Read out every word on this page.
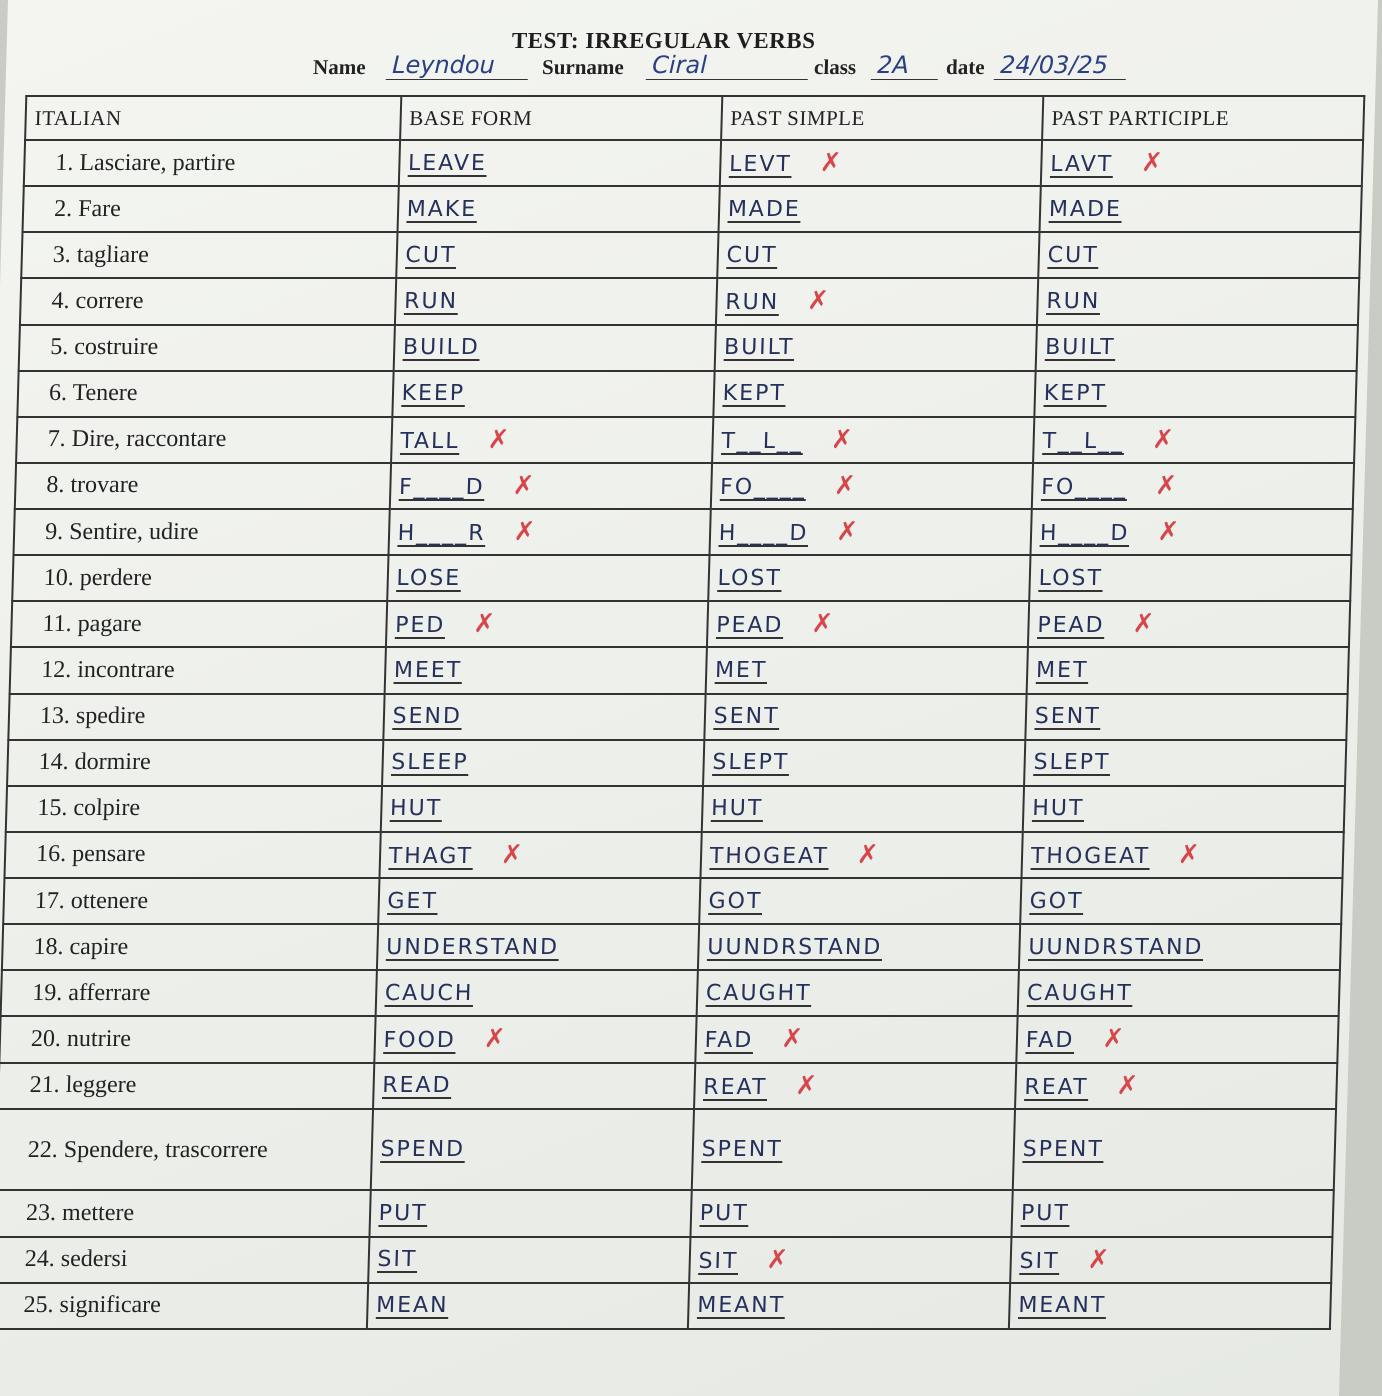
TEST: IRREGULAR VERBS
Name Leyndou	Surname Ciral	class 2A	date 24/03/25
ITALIAN	BASE FORM	PAST SIMPLE	PAST PARTICIPLE
1. Lasciare, partire	LEAVE	LEVT ✗	LAVT ✗
2. Fare	MAKE	MADE	MADE
3. tagliare	CUT	CUT	CUT
4. correre	RUN	RUN ✗	RUN
5. costruire	BUILD	BUILT	BUILT
6. Tenere	KEEP	KEPT	KEPT
7. Dire, raccontare	TALL ✗	T__L__ ✗	T__L__ ✗
8. trovare	F____D ✗	FO____ ✗	FO____ ✗
9. Sentire, udire	H____R ✗	H____D ✗	H____D ✗
10. perdere	LOSE	LOST	LOST
11. pagare	PED ✗	PEAD ✗	PEAD ✗
12. incontrare	MEET	MET	MET
13. spedire	SEND	SENT	SENT
14. dormire	SLEEP	SLEPT	SLEPT
15. colpire	HUT	HUT	HUT
16. pensare	THAGT ✗	THOGEAT ✗	THOGEAT ✗
17. ottenere	GET	GOT	GOT
18. capire	UNDERSTAND	UUNDRSTAND	UUNDRSTAND
19. afferrare	CAUCH	CAUGHT	CAUGHT
20. nutrire	FOOD ✗	FAD ✗	FAD ✗
21. leggere	READ	REAT ✗	REAT ✗
22. Spendere, trascorrere	SPEND	SPENT	SPENT
23. mettere	PUT	PUT	PUT
24. sedersi	SIT	SIT ✗	SIT ✗
25. significare	MEAN	MEANT	MEANT
